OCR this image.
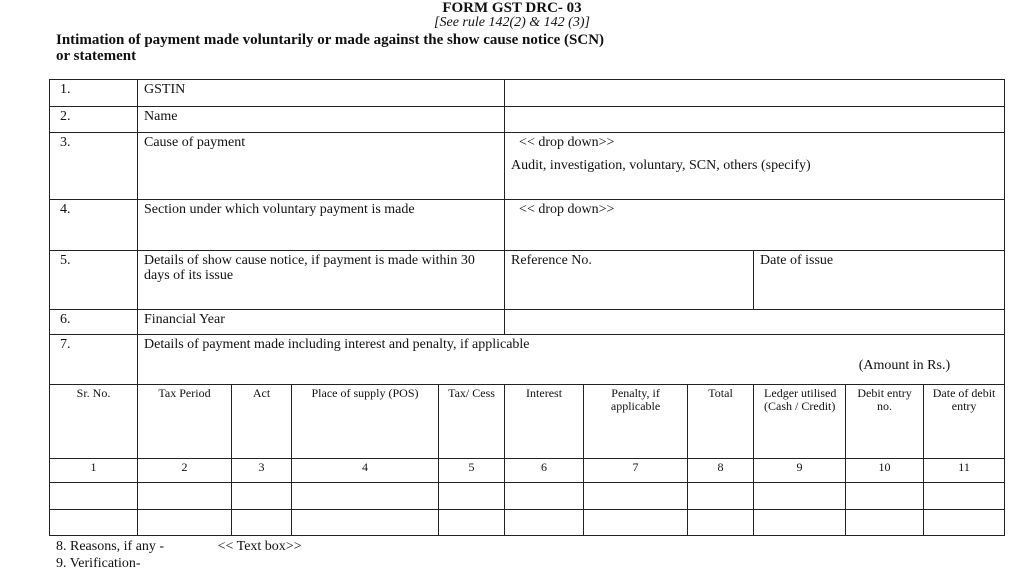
FORM GST DRC- 03
[See rule 142(2) & 142 (3)]
Intimation of payment made voluntarily or made against the show cause notice (SCN)
or statement
1.	GSTIN									
2.	Name									
3.	Cause of payment				<< drop down>>
Audit, investigation, voluntary, SCN, others (specify)					

4.	Section under which voluntary payment is made				<< drop down>>					
5.	Details of show cause notice, if payment is made within 30 days of its issue				Reference No.			Date of issue		
6.	Financial Year									
7.	Details of payment made including interest and penalty, if applicable
(Amount in Rs.)									

Sr. No.	Tax Period	Act	Place of supply (POS)	Tax/ Cess	Interest	Penalty, if applicable	Total	Ledger utilised (Cash / Credit)	Debit entry no.	Date of debit entry
1	2	3	4	5	6	7	8	9	10	11

8. Reasons, if any -	<< Text box>>
9. Verification-
